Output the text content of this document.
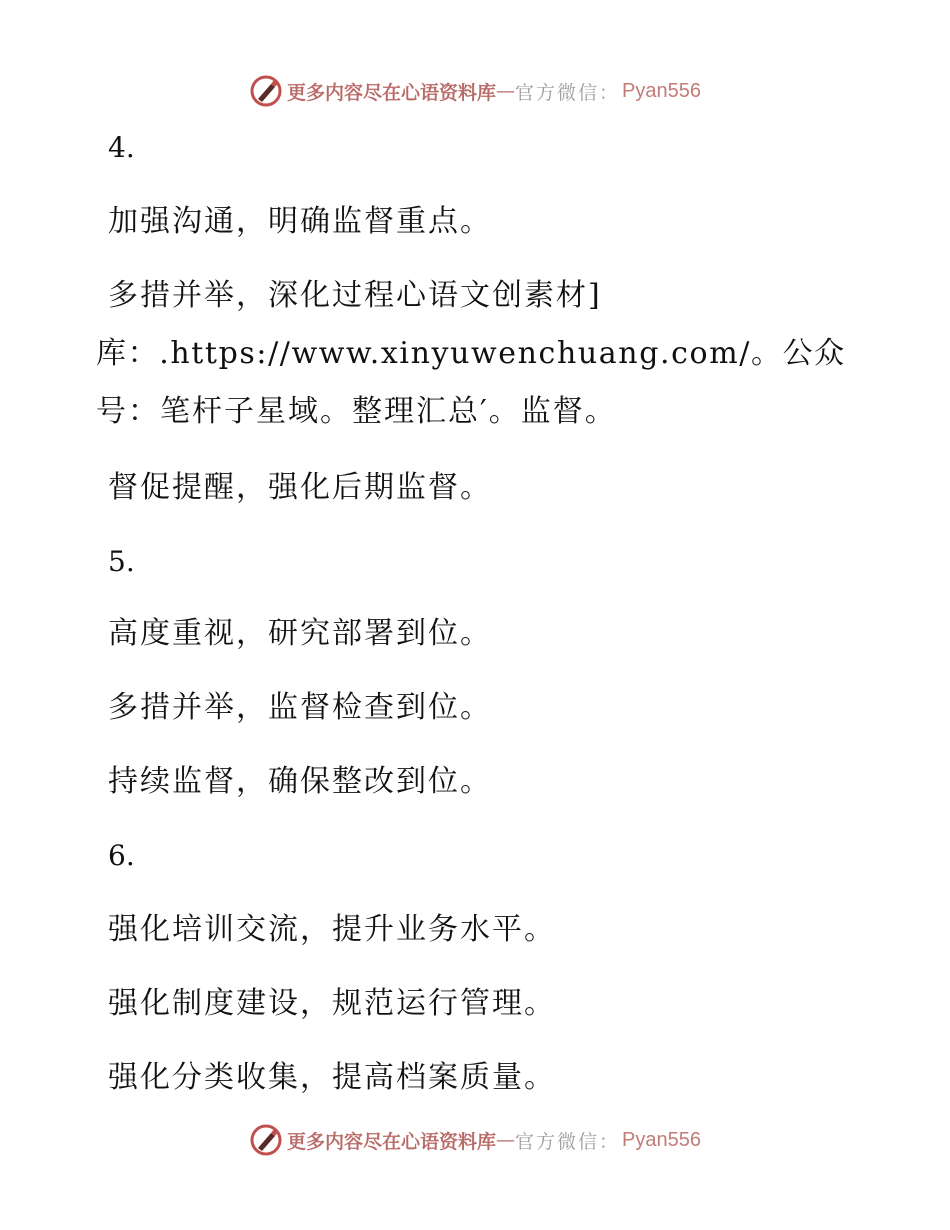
更多内容尽在心语资料库 — 官方微信： Pyan556

4.

加强沟通，明确监督重点。

多措并举，深化过程心语文创素材]

库：.https://www.xinyuwenchuang.com/。公众

号：笔杆子星域。整理汇总′。监督。

督促提醒，强化后期监督。

5.

高度重视，研究部署到位。

多措并举，监督检查到位。

持续监督，确保整改到位。

6.

强化培训交流，提升业务水平。

强化制度建设，规范运行管理。

强化分类收集，提高档案质量。

更多内容尽在心语资料库 — 官方微信： Pyan556
